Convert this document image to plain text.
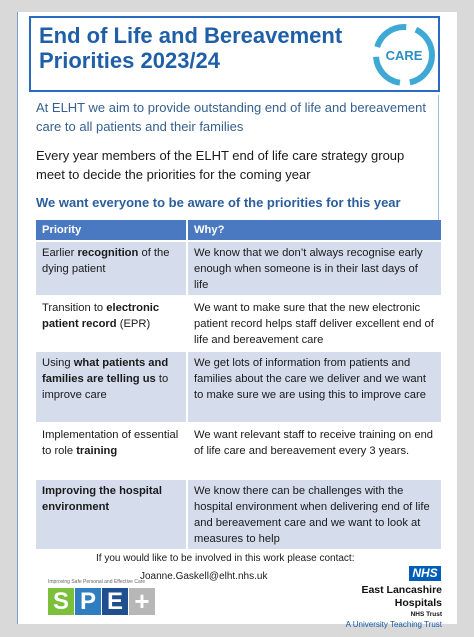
End of Life and Bereavement
Priorities 2023/24	CARE
At ELHT we aim to provide outstanding end of life and bereavement care to all patients and their families
Every year members of the ELHT end of life care strategy group meet to decide the priorities for the coming year
We want everyone to be aware of the priorities for this year
Priority	Why?
Earlier recognition of the dying patient	We know that we don’t always recognise early enough when someone is in their last days of life
Transition to electronic patient record (EPR)	We want to make sure that the new electronic patient record helps staff deliver excellent end of life and bereavement care
Using what patients and families are telling us to improve care	We get lots of information from patients and families about the care we deliver and we want to make sure we are using this to improve care
Implementation of essential to role training	We want relevant staff to receive training on end of life care and bereavement every 3 years.
Improving the hospital environment	We know there can be challenges with the hospital environment when delivering end of life and bereavement care and we want to look at measures to help
If you would like to be involved in this work please contact:
Joanne.Gaskell@elht.nhs.uk
Improving Safe Personal and Effective Care
S P E +
NHS
East Lancashire Hospitals
NHS Trust
A University Teaching Trust
